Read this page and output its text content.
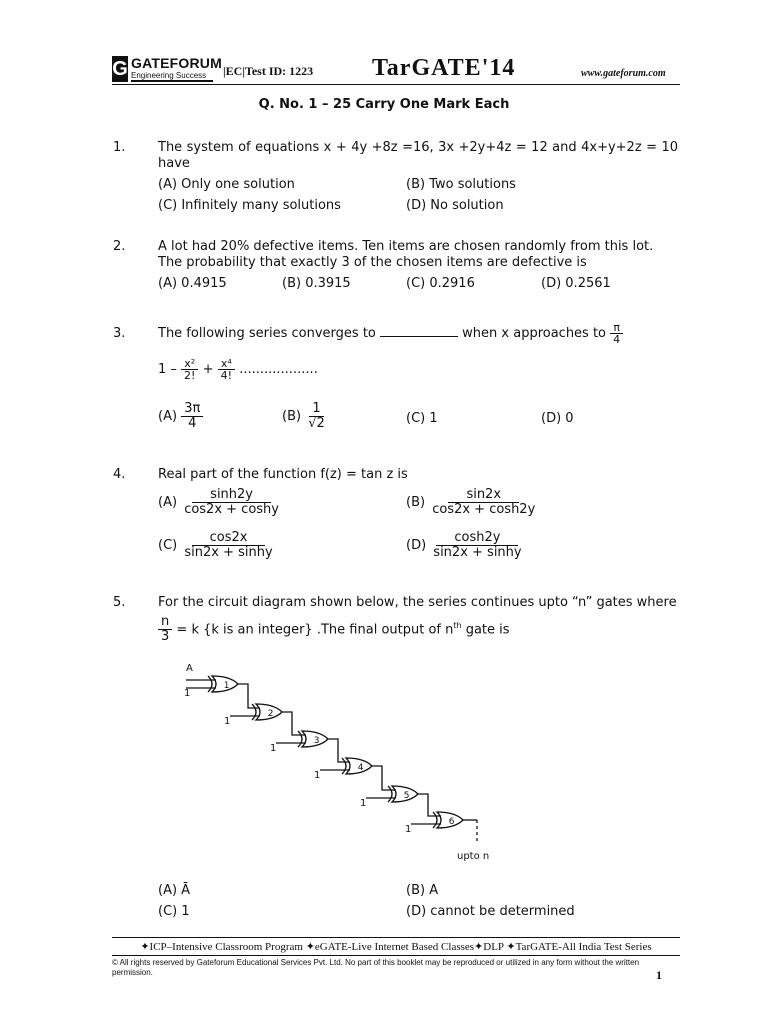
G GATEFORUM
Engineering Success |EC|Test ID: 1223 TarGATE'14	www.gateforum.com
Q. No. 1 – 25 Carry One Mark Each
1.	The system of equations x + 4y +8z =16, 3x +2y+4z = 12 and 4x+y+2z = 10 have
(A) Only one solution	(B) Two solutions
(C) Infinitely many solutions	(D) No solution
2.	A lot had 20% defective items. Ten items are chosen randomly from this lot. The probability that exactly 3 of the chosen items are defective is
(A) 0.4915	(B) 0.3915	(C) 0.2916	(D) 0.2561
3.	The following series converges to	when x approaches to $\frac{\pi}{4}$
$1 - \frac{\text{x²}}{2!} + \frac{\text{x⁴}}{4!}$ ...................
$(A) \frac{3\pi}{4}$	$(B) \frac{1}{√2}$	(C) 1	(D) 0
4.	Real part of the function f(z) = tan z is
$(A) \frac{\sinh 2y}{\cos 2x + \cosh y}$	$(B) \frac{\sin 2x}{\cos 2x + \cosh 2y}$
$(C) \frac{\cos 2x}{\sin 2x + \sinh y}$	$(D) \frac{\cosh 2y}{\sin 2x + \sinh y}$
5.	For the circuit diagram shown below, the series continues upto “n” gates where
$\frac{n}{3} = k$ {k is an integer} .The final output of $n^{th}$ gate is
1
A
1
1
2
1
3
1
4
1
5
1
6
upto n
(A) Ā	(B) A
(C) 1	(D) cannot be determined
✦ICP–Intensive Classroom Program ✦eGATE-Live Internet Based Classes✦DLP ✦TarGATE-All India Test Series
© All rights reserved by Gateforum Educational Services Pvt. Ltd. No part of this booklet may be reproduced or utilized in any form without the written permission.	1
